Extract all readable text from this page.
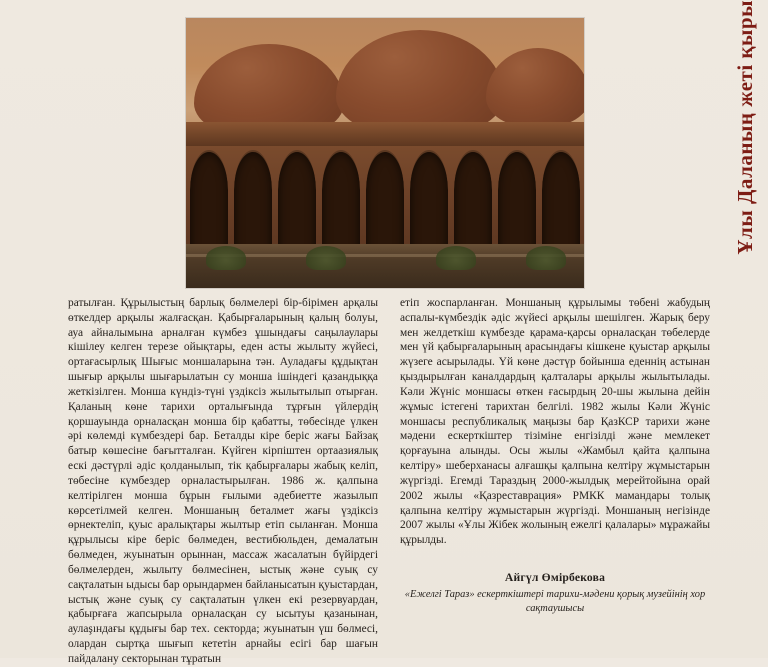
Ұлы Даланың жеті қыры

ратылған. Құрылыстың барлық бөлмелері бір-бірімен арқалы өткелдер арқылы жалғасқан. Қабырғаларының қалың болуы, ауа айналымына арналған күмбез ұшындағы саңылаулары кішілеу келген терезе ойықтары, еден асты жылыту жүйесі, ортағасырлық Шығыс моншаларына тән. Ауладағы құдықтан шығыр арқылы шығарылатын су монша ішіндегі қазандыққа жеткізілген. Монша күндіз-түні үздіксіз жылытылып отырған. Қаланың көне тарихи орталығында тұрғын үйлердің қоршауында орналасқан монша бір қабатты, төбесінде үлкен әрі көлемді күмбездері бар. Беталды кіре беріс жағы Байзақ батыр көшесіне бағытталған. Күйген кірпіштен ортаазиялық ескі дәстүрлі әдіс қолданылып, тік қабырғалары жабық келіп, төбесіне күмбездер орналастырылған. 1986 ж. қалпына келтірілген монша бұрын ғылыми әдебиетте жазылып көрсетілмей келген. Моншаның беталмет жағы үздіксіз өрнектеліп, қуыс аралықтары жылтыр етіп сыланған. Монша құрылысы кіре беріс бөлмеден, вестибюльден, демалатын бөлмеден, жуынатын орыннан, массаж жасалатын бүйірдегі бөлмелерден, жылыту бөлмесінен, ыстық және суық су сақталатын ыдысы бар орындармен байланысатын қуыстардан, ыстық және суық су сақталатын үлкен екі резервуардан, қабырғаға жапсырыла орналасқан су ысытуы қазанынан, аулаşıндағы құдығы бар тех. секторда; жуынатын үш бөлмесі, олардан сыртқа шығып кететін арнайы есігі бар шағын пайдалану секторынан тұратын

етіп жоспарланған. Моншаның құрылымы төбені жабудың аспалы-күмбездік әдіс жүйесі арқылы шешілген. Жарық беру мен желдеткіш күмбезде қарама-қарсы орналасқан төбелерде мен үй қабырғаларының арасындағы кішкене қуыстар арқылы жүзеге асырылады. Үй көне дәстүр бойынша еденнің астынан қыздырылған каналдардың қалталары арқылы жылытылады. Кәли Жүніс моншасы өткен ғасырдың 20-шы жылына дейін жұмыс істегені тарихтан белгілі. 1982 жылы Кәли Жүніс моншасы республикалық маңызы бар ҚазКСР тарихи және мәдени ескерткіштер тізіміне енгізілді және мемлекет қорғауына алынды. Осы жылы «Жамбыл қайта қалпына келтіру» шеберханасы алғашқы қалпына келтіру жұмыстарын жүргізді. Егемді Тараздың 2000-жылдық мерейтойына орай 2002 жылы «Қазреставрация» РМКК мамандары толық қалпына келтіру жұмыстарын жүргізді. Моншаның негізінде 2007 жылы «Ұлы Жібек жолының ежелгі қалалары» мұражайы құрылды.

Айгүл Өмірбекова
«Ежелгі Тараз» ескерткіштері тарихи-мәдени қорық музейінің хор сақтаушысы
